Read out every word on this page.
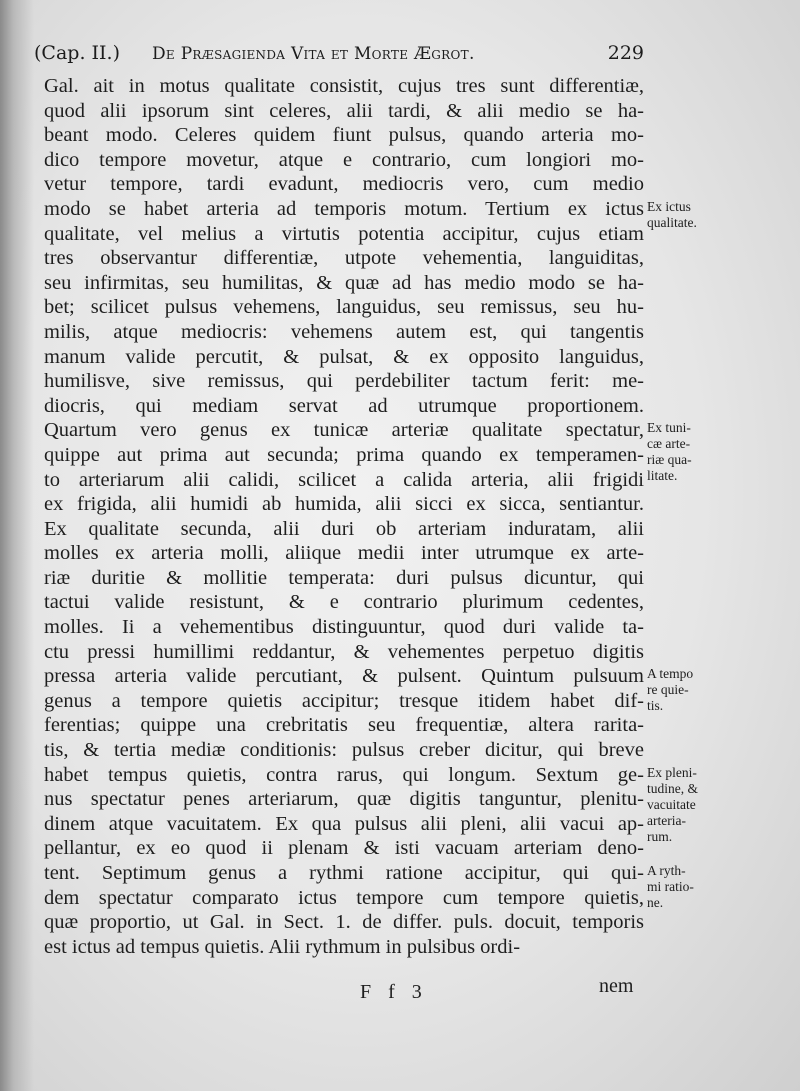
(Cap. II.) De Præsagienda Vita et Morte Ægrot.	229
Gal. ait in motus qualitate consistit, cujus tres sunt differentiæ,
quod alii ipsorum sint celeres, alii tardi, & alii medio se ha-
beant modo. Celeres quidem fiunt pulsus, quando arteria mo-
dico tempore movetur, atque e contrario, cum longiori mo-
vetur tempore, tardi evadunt, mediocris vero, cum medio
modo se habet arteria ad temporis motum. Tertium ex ictus
qualitate, vel melius a virtutis potentia accipitur, cujus etiam
tres observantur differentiæ, utpote vehementia, languiditas,
seu infirmitas, seu humilitas, & quæ ad has medio modo se ha-
bet; scilicet pulsus vehemens, languidus, seu remissus, seu hu-
milis, atque mediocris: vehemens autem est, qui tangentis
manum valide percutit, & pulsat, & ex opposito languidus,
humilisve, sive remissus, qui perdebiliter tactum ferit: me-
diocris, qui mediam servat ad utrumque proportionem.
Quartum vero genus ex tunicæ arteriæ qualitate spectatur,
quippe aut prima aut secunda; prima quando ex temperamen-
to arteriarum alii calidi, scilicet a calida arteria, alii frigidi
ex frigida, alii humidi ab humida, alii sicci ex sicca, sentiantur.
Ex qualitate secunda, alii duri ob arteriam induratam, alii
molles ex arteria molli, aliique medii inter utrumque ex arte-
riæ duritie & mollitie temperata: duri pulsus dicuntur, qui
tactui valide resistunt, & e contrario plurimum cedentes,
molles. Ii a vehementibus distinguuntur, quod duri valide ta-
ctu pressi humillimi reddantur, & vehementes perpetuo digitis
pressa arteria valide percutiant, & pulsent. Quintum pulsuum
genus a tempore quietis accipitur; tresque itidem habet dif-
ferentias; quippe una crebritatis seu frequentiæ, altera rarita-
tis, & tertia mediæ conditionis: pulsus creber dicitur, qui breve
habet tempus quietis, contra rarus, qui longum. Sextum ge-
nus spectatur penes arteriarum, quæ digitis tanguntur, plenitu-
dinem atque vacuitatem. Ex qua pulsus alii pleni, alii vacui ap-
pellantur, ex eo quod ii plenam & isti vacuam arteriam deno-
tent. Septimum genus a rythmi ratione accipitur, qui qui-
dem spectatur comparato ictus tempore cum tempore quietis,
quæ proportio, ut Gal. in Sect. 1. de differ. puls. docuit, temporis
est ictus ad tempus quietis. Alii rythmum in pulsibus ordi-
Ex ictus
qualitate.
Ex tuni-
cæ arte-
riæ qua-
litate.
A tempo
re quie-
tis.
Ex pleni-
tudine, &
vacuitate
arteria-
rum.
A ryth-
mi ratio-
ne.
F f 3	nem
